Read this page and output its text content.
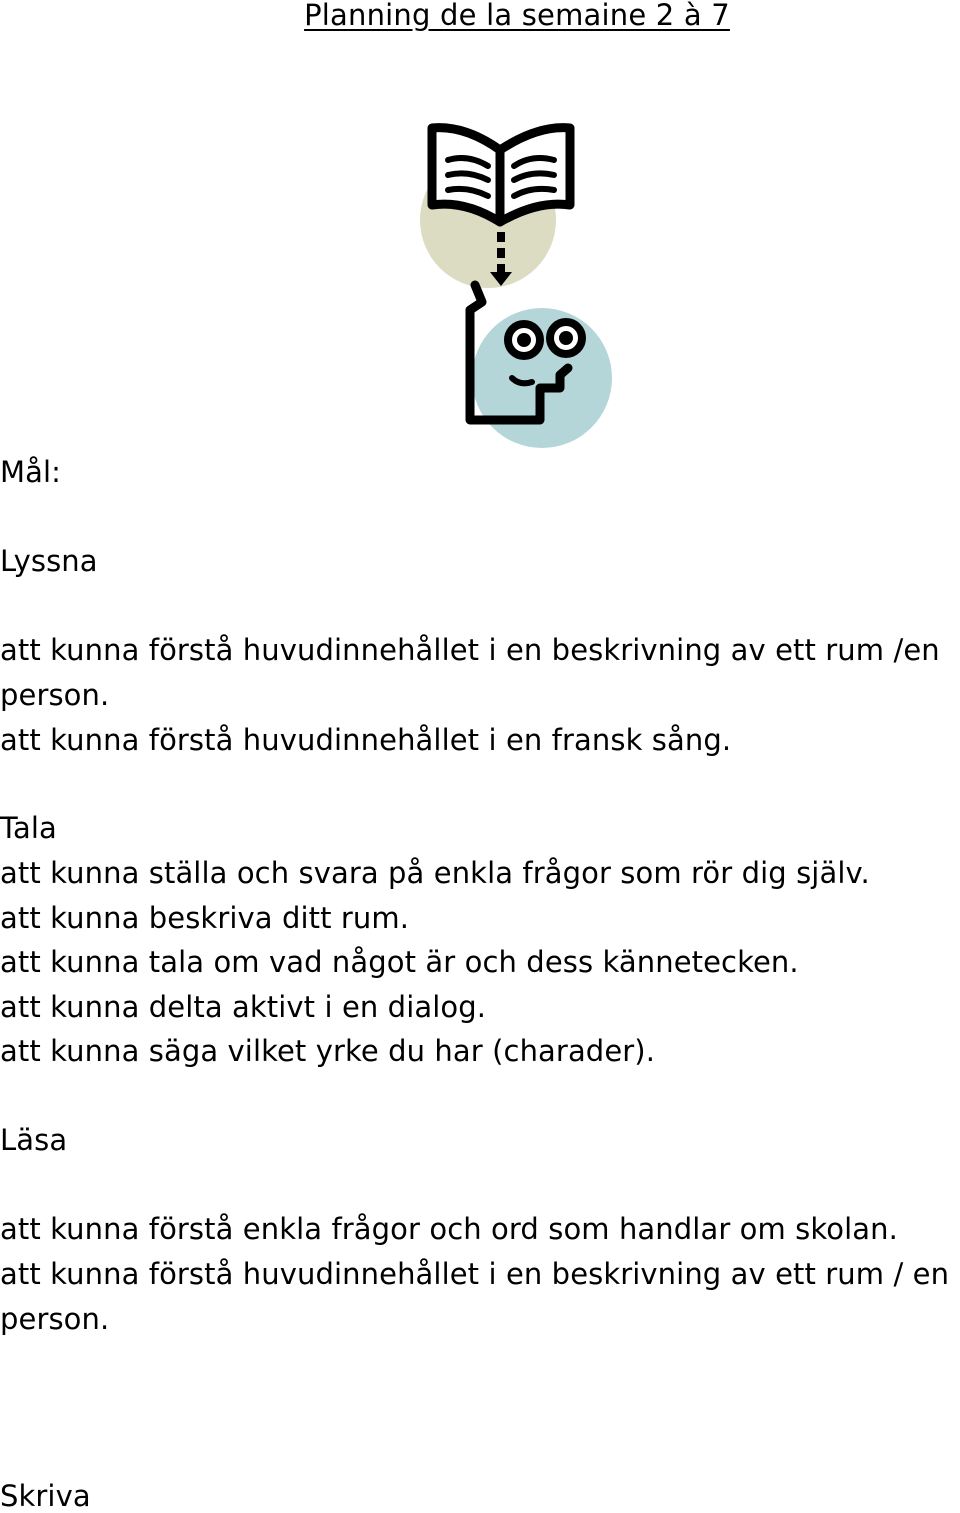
Planning de la semaine 2 à 7
Mål:
Lyssna
att kunna förstå huvudinnehållet i en beskrivning av ett rum /en
person.
att kunna förstå huvudinnehållet i en fransk sång.
Tala
att kunna ställa och svara på enkla frågor som rör dig själv.
att kunna beskriva ditt rum.
att kunna tala om vad något är och dess kännetecken.
att kunna delta aktivt i en dialog.
att kunna säga vilket yrke du har (charader).
Läsa
att kunna förstå enkla frågor och ord som handlar om skolan.
att kunna förstå huvudinnehållet i en beskrivning av ett rum / en
person.
Skriva
